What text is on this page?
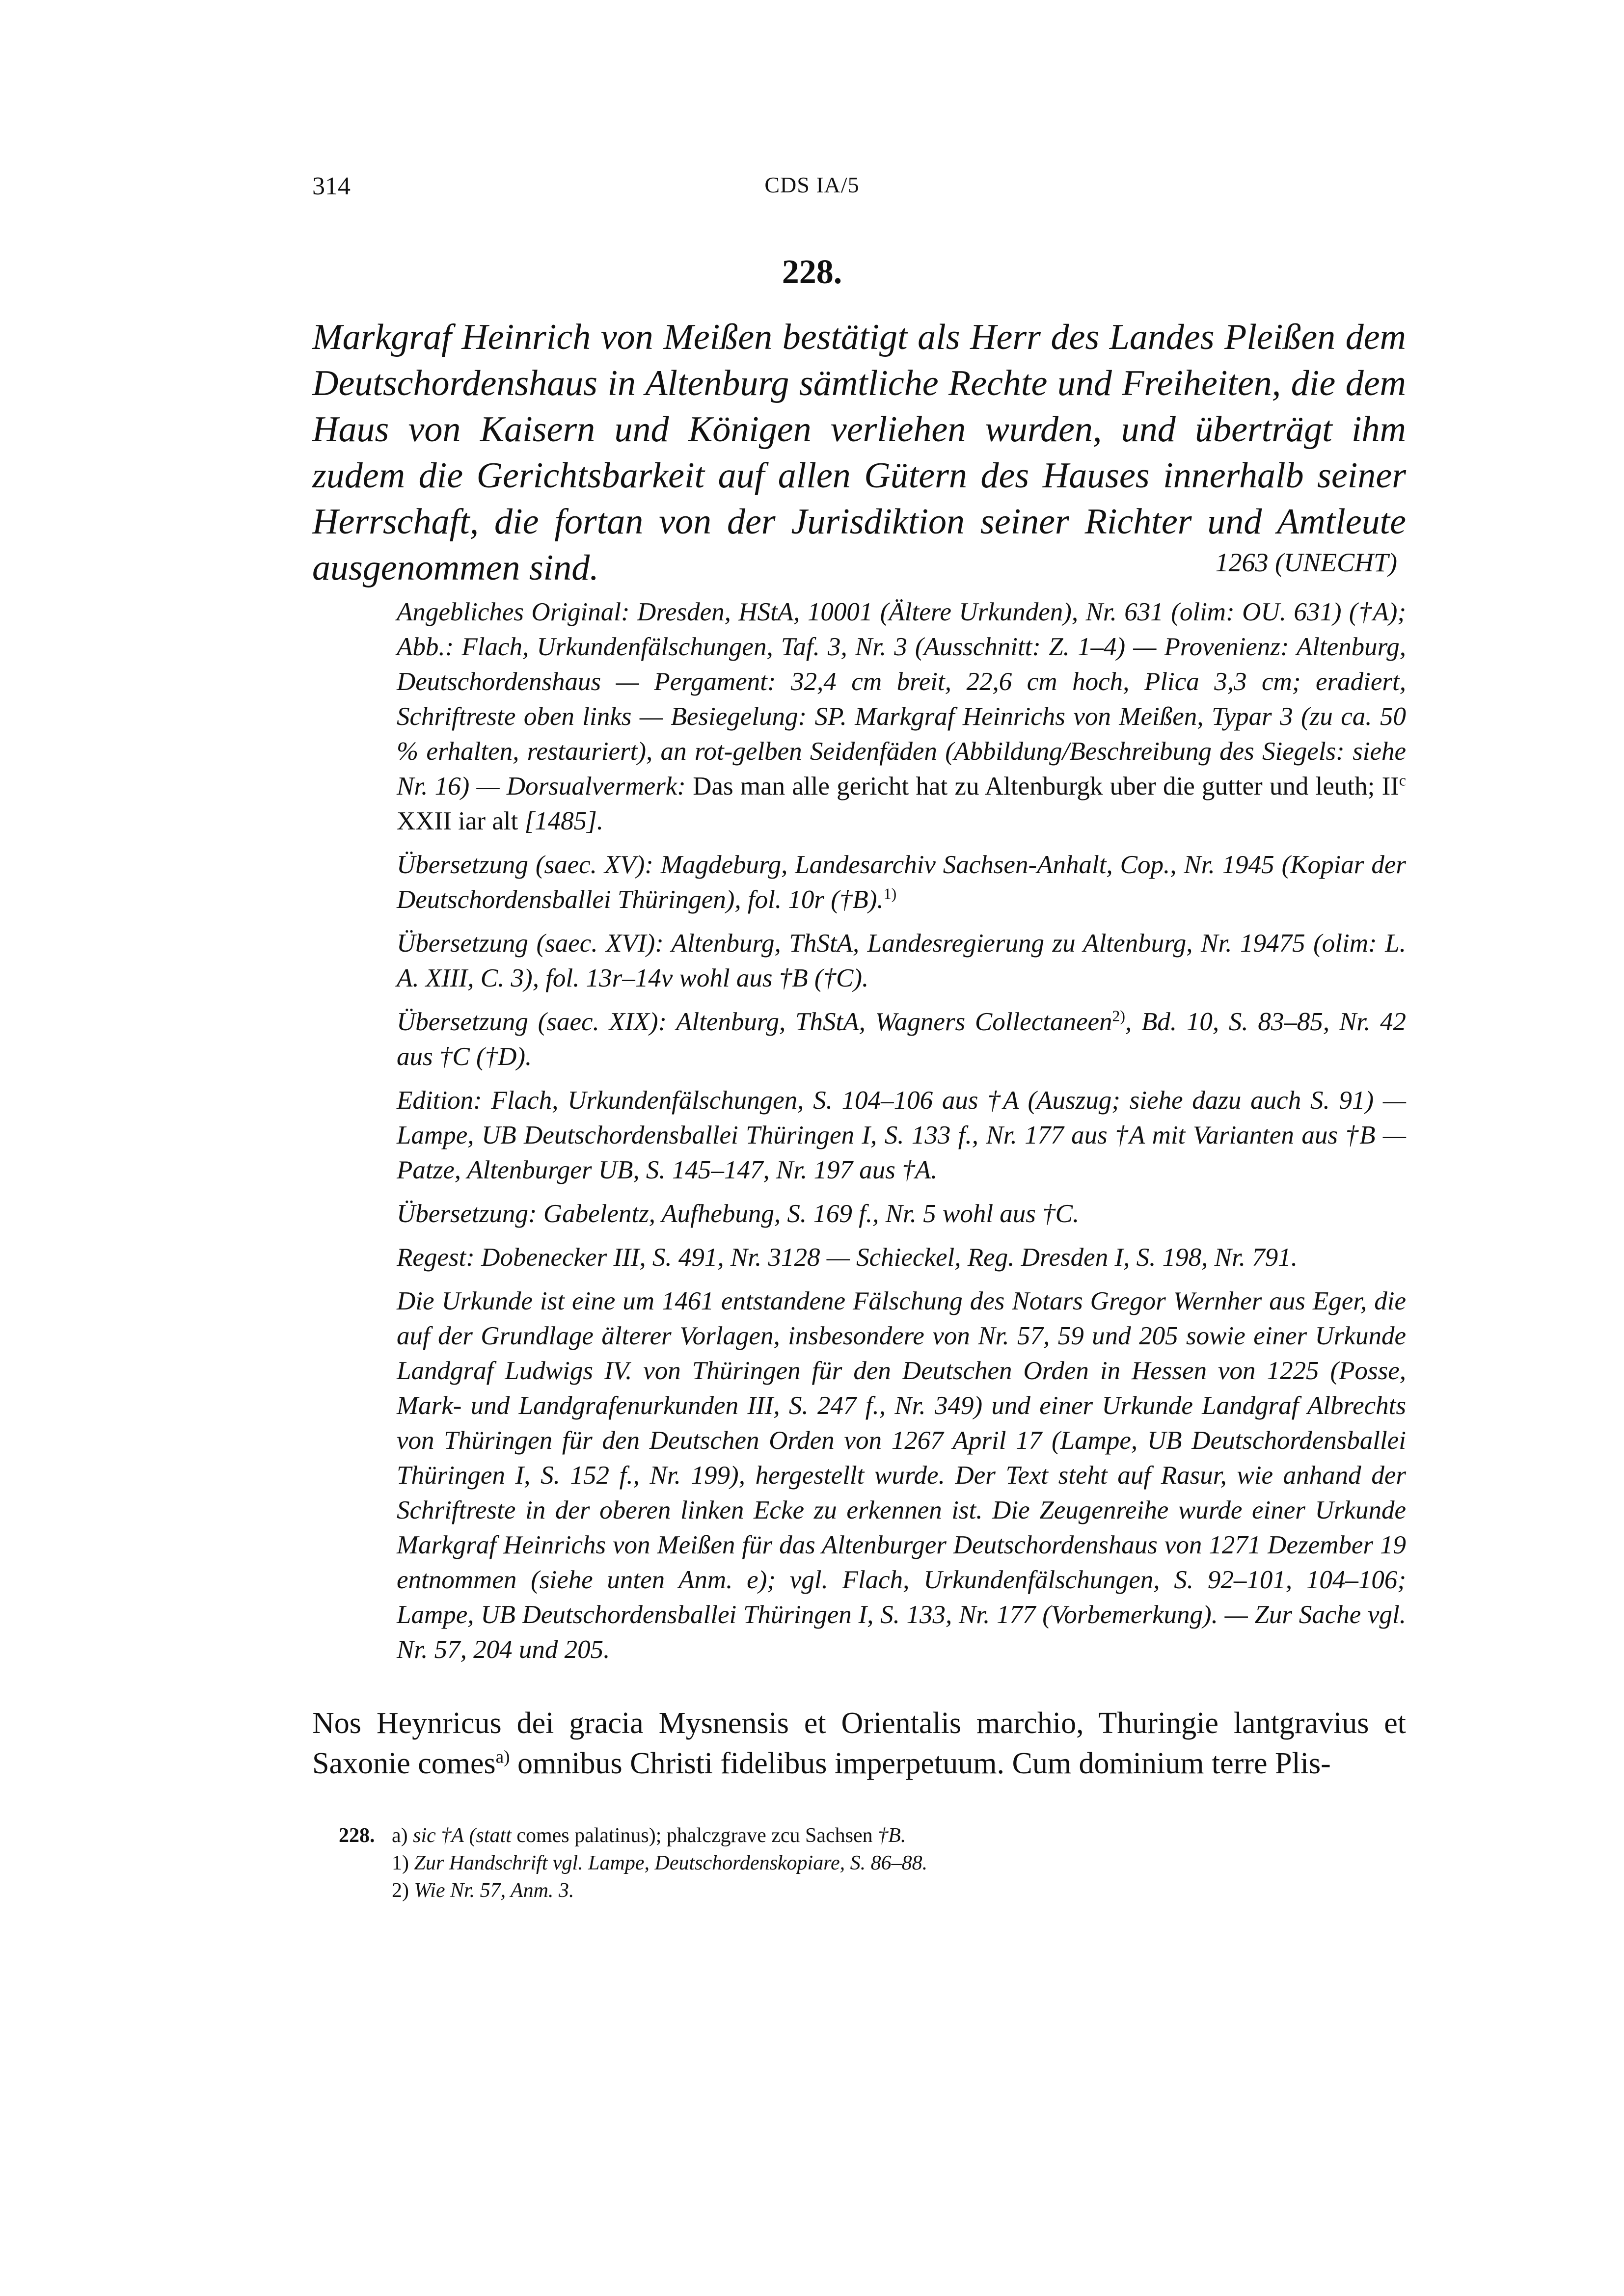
314	CDS IA/5
228.
Markgraf Heinrich von Meißen bestätigt als Herr des Landes Pleißen dem Deutschordenshaus in Altenburg sämtliche Rechte und Freiheiten, die dem Haus von Kaisern und Königen verliehen wurden, und überträgt ihm zudem die Gerichtsbarkeit auf allen Gütern des Hauses innerhalb seiner Herrschaft, die fortan von der Jurisdiktion seiner Richter und Amtleute ausgenommen sind.	1263 (UNECHT)

Angebliches Original: Dresden, HStA, 10001 (Ältere Urkunden), Nr. 631 (olim: OU. 631) (†A); Abb.: Flach, Urkundenfälschungen, Taf. 3, Nr. 3 (Ausschnitt: Z. 1–4) — Provenienz: Altenburg, Deutschordenshaus — Pergament: 32,4 cm breit, 22,6 cm hoch, Plica 3,3 cm; eradiert, Schriftreste oben links — Besiegelung: SP. Markgraf Heinrichs von Meißen, Typar 3 (zu ca. 50 % erhalten, restauriert), an rot-gelben Seidenfäden (Abbildung/Beschreibung des Siegels: siehe Nr. 16) — Dorsualvermerk: Das man alle gericht hat zu Altenburgk uber die gutter und leuth; $II^c$ XXII iar alt [1485].

Übersetzung (saec. XV): Magdeburg, Landesarchiv Sachsen-Anhalt, Cop., Nr. 1945 (Kopiar der Deutschordensballei Thüringen), fol. 10r (†B).$^{1)}$

Übersetzung (saec. XVI): Altenburg, ThStA, Landesregierung zu Altenburg, Nr. 19475 (olim: L. A. XIII, C. 3), fol. 13r–14v wohl aus †B (†C).

Übersetzung (saec. XIX): Altenburg, ThStA, Wagners Collectaneen$^{2)}$, Bd. 10, S. 83–85, Nr. 42 aus †C (†D).

Edition: Flach, Urkundenfälschungen, S. 104–106 aus †A (Auszug; siehe dazu auch S. 91) — Lampe, UB Deutschordensballei Thüringen I, S. 133 f., Nr. 177 aus †A mit Varianten aus †B — Patze, Altenburger UB, S. 145–147, Nr. 197 aus †A.

Übersetzung: Gabelentz, Aufhebung, S. 169 f., Nr. 5 wohl aus †C.

Regest: Dobenecker III, S. 491, Nr. 3128 — Schieckel, Reg. Dresden I, S. 198, Nr. 791.

Die Urkunde ist eine um 1461 entstandene Fälschung des Notars Gregor Wernher aus Eger, die auf der Grundlage älterer Vorlagen, insbesondere von Nr. 57, 59 und 205 sowie einer Urkunde Landgraf Ludwigs IV. von Thüringen für den Deutschen Orden in Hessen von 1225 (Posse, Mark- und Landgrafenurkunden III, S. 247 f., Nr. 349) und einer Urkunde Landgraf Albrechts von Thüringen für den Deutschen Orden von 1267 April 17 (Lampe, UB Deutschordensballei Thüringen I, S. 152 f., Nr. 199), hergestellt wurde. Der Text steht auf Rasur, wie anhand der Schriftreste in der oberen linken Ecke zu erkennen ist. Die Zeugenreihe wurde einer Urkunde Markgraf Heinrichs von Meißen für das Altenburger Deutschordenshaus von 1271 Dezember 19 entnommen (siehe unten Anm. e); vgl. Flach, Urkundenfälschungen, S. 92–101, 104–106; Lampe, UB Deutschordensballei Thüringen I, S. 133, Nr. 177 (Vorbemerkung). — Zur Sache vgl. Nr. 57, 204 und 205.

Nos Heynricus dei gracia Mysnensis et Orientalis marchio, Thuringie lantgravius et Saxonie comes$^{a)}$ omnibus Christi fidelibus imperpetuum. Cum dominium terre Plis-
228. a) sic †A (statt comes palatinus); phalczgrave zcu Sachsen †B.
1) Zur Handschrift vgl. Lampe, Deutschordenskopiare, S. 86–88.
2) Wie Nr. 57, Anm. 3.
